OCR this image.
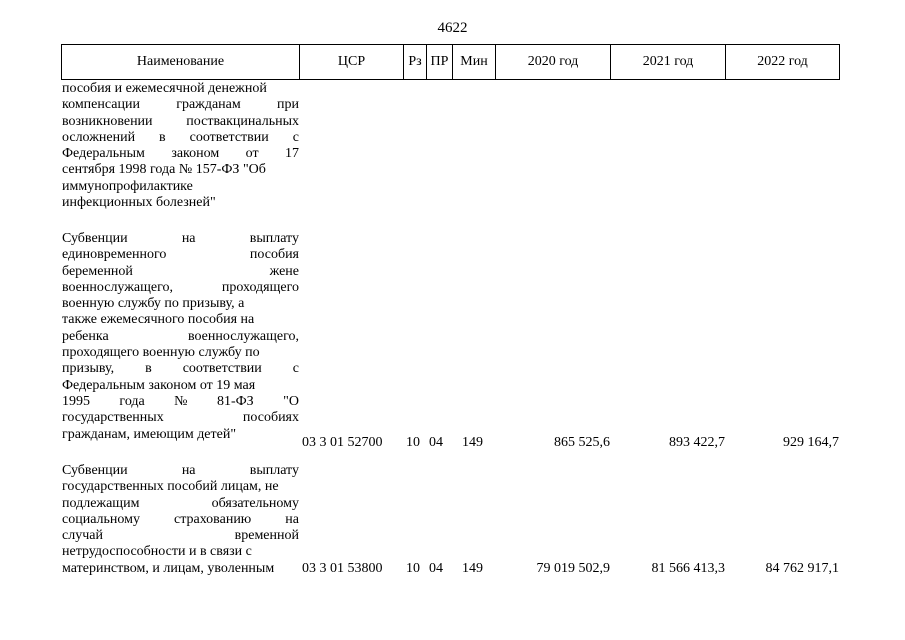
4622
Наименование	ЦСР	Рз ПР Мин	2020 год	2021 год	2022 год
пособия и ежемесячной денежной
компенсации	гражданам	при
возникновении поствакцинальных
осложнений в соответствии с
Федеральным законом от 17
сентября 1998 года № 157-ФЗ "Об
иммунопрофилактике
инфекционных болезней"
Субвенции	на	выплату
единовременного	пособия
беременной	жене
военнослужащего,	проходящего
военную службу по призыву, а
также ежемесячного пособия на
ребенка	военнослужащего,
проходящего военную службу по
призыву, в соответствии с
Федеральным законом от 19 мая
1995 года № 81-ФЗ "О
государственных	пособиях
гражданам, имеющим детей"
03 3 01 52700 10 04 149	865 525,6	893 422,7	929 164,7
Субвенции	на	выплату
государственных пособий лицам, не
подлежащим	обязательному
социальному страхованию на
случай	временной
нетрудоспособности и в связи с
материнством, и лицам, уволенным	03 3 01 53800 10 04 149	79 019 502,9	81 566 413,3	84 762 917,1
